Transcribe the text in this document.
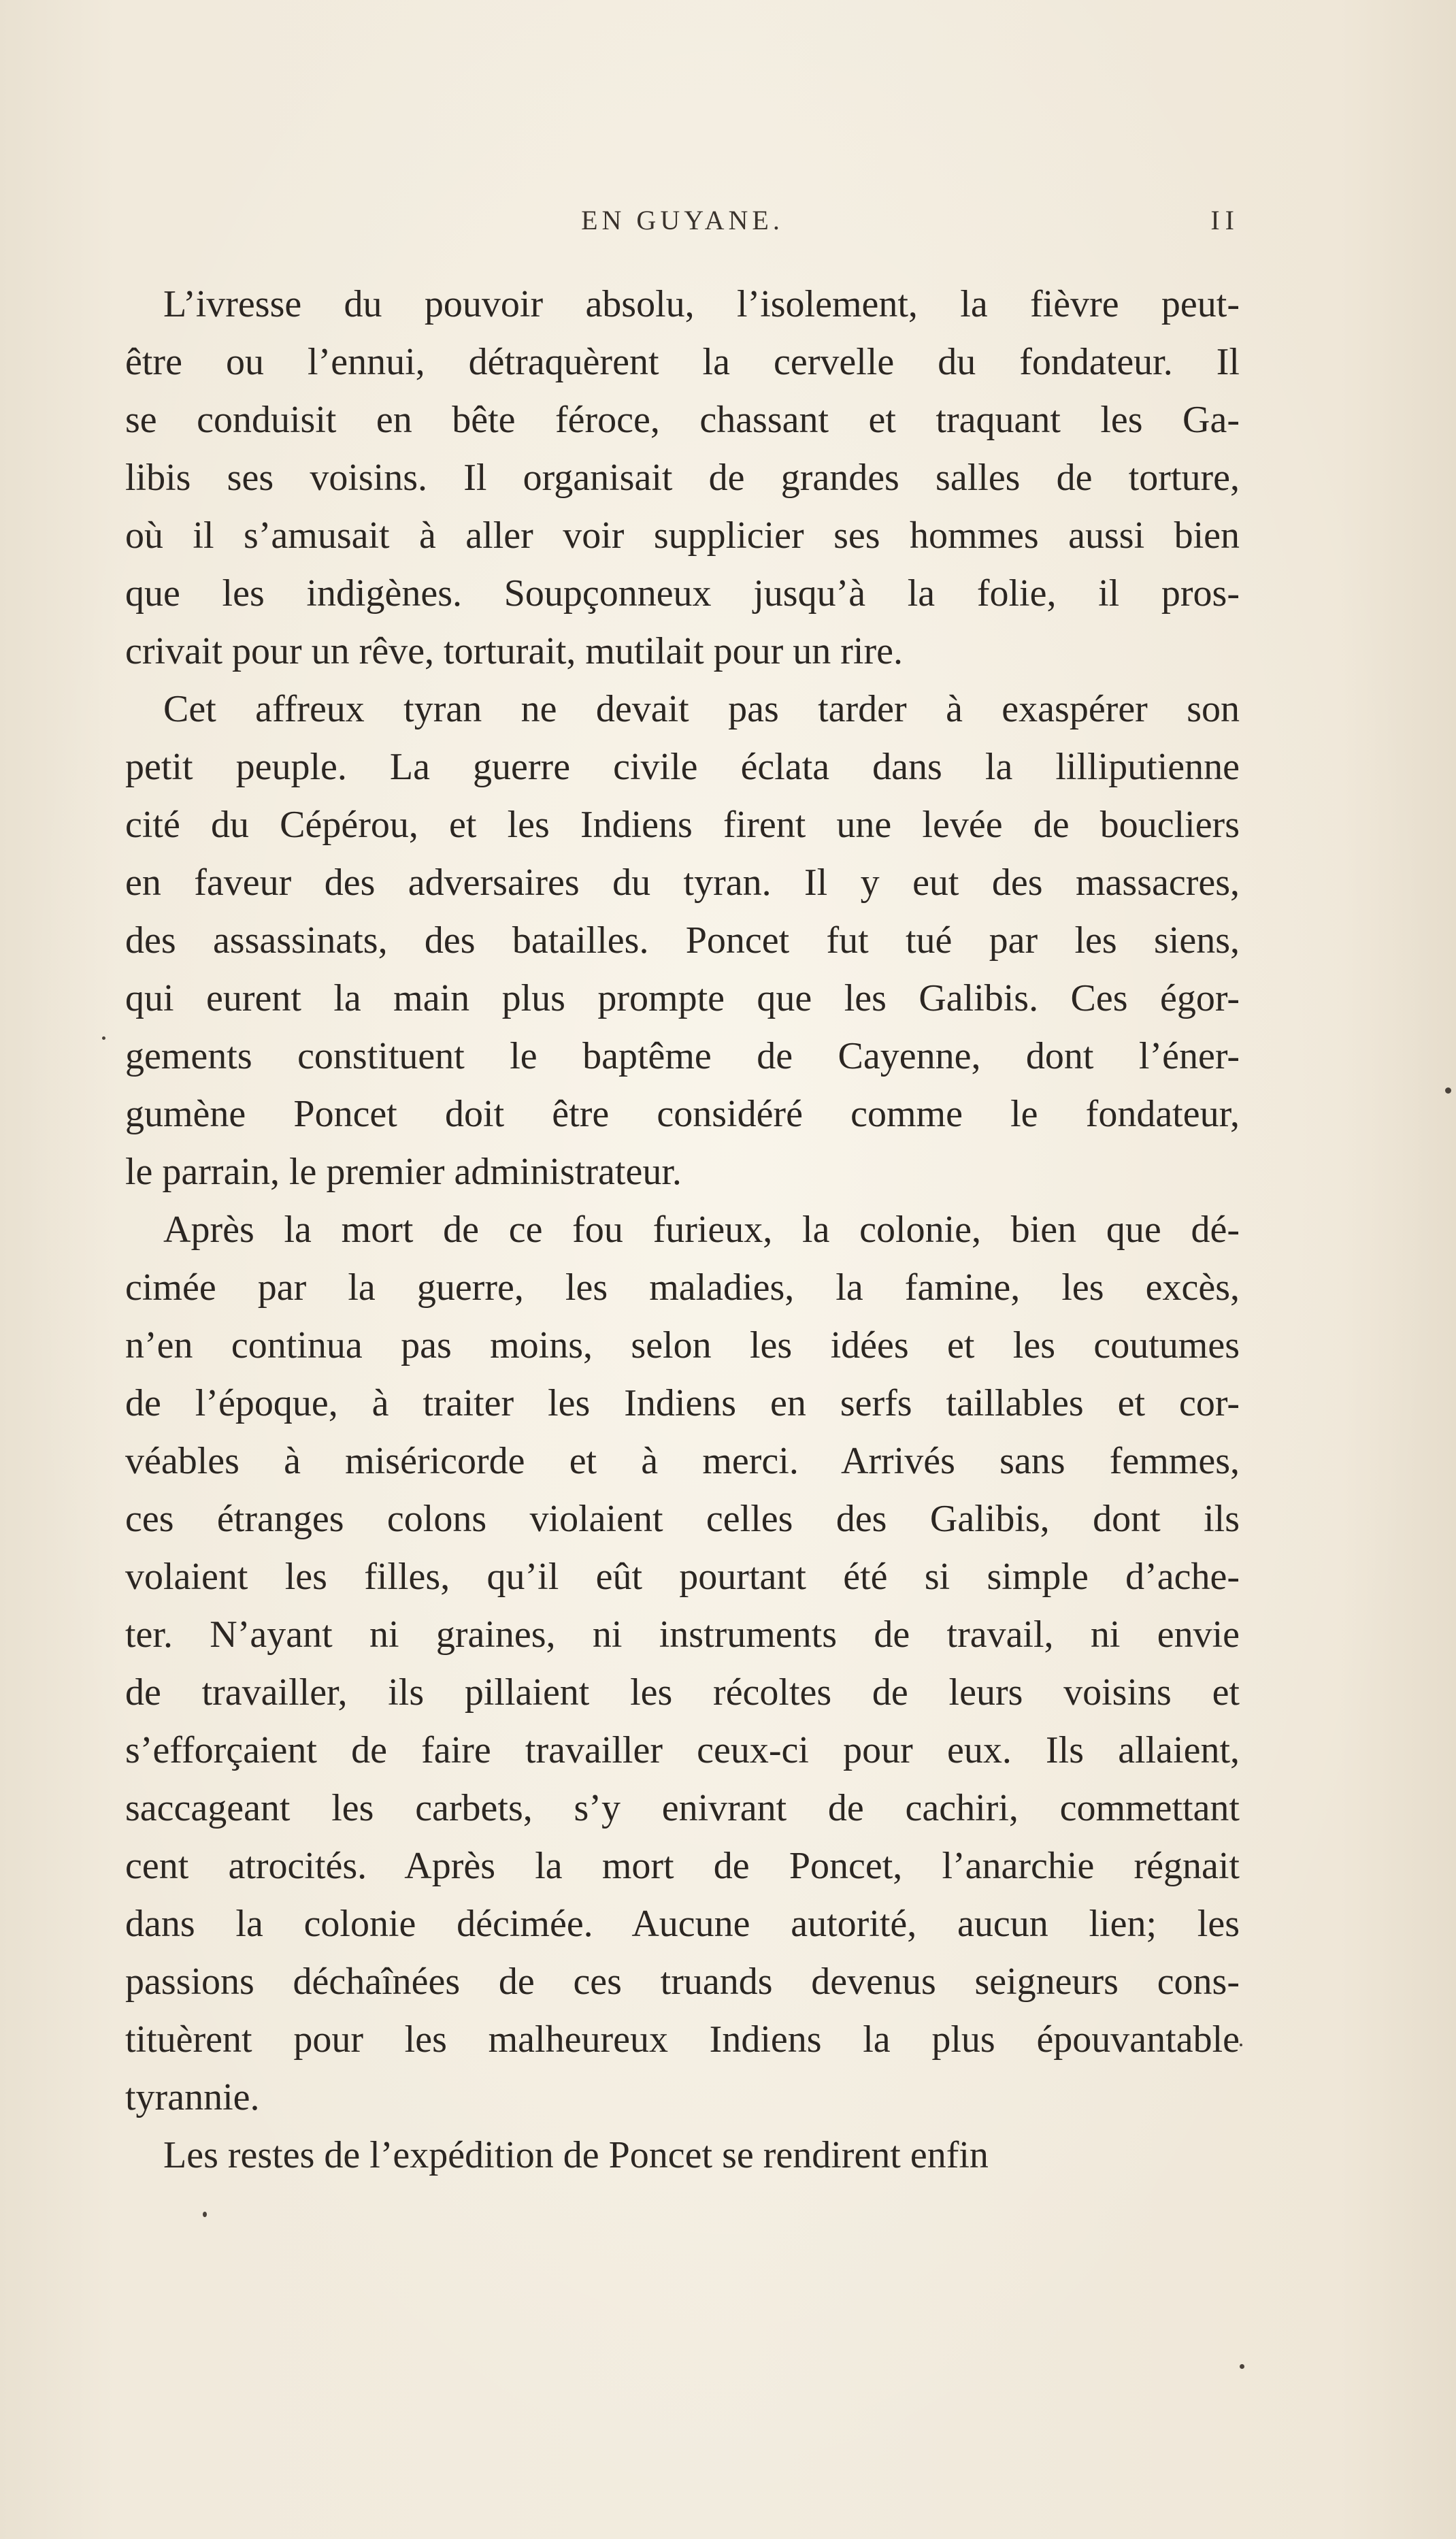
EN GUYANE.	II
L’ivresse du pouvoir absolu, l’isolement, la fièvre peut-
être ou l’ennui, détraquèrent la cervelle du fondateur. Il
se conduisit en bête féroce, chassant et traquant les Ga-
libis ses voisins. Il organisait de grandes salles de torture,
où il s’amusait à aller voir supplicier ses hommes aussi bien
que les indigènes. Soupçonneux jusqu’à la folie, il pros-
crivait pour un rêve, torturait, mutilait pour un rire.
Cet affreux tyran ne devait pas tarder à exaspérer son
petit peuple. La guerre civile éclata dans la lilliputienne
cité du Cépérou, et les Indiens firent une levée de boucliers
en faveur des adversaires du tyran. Il y eut des massacres,
des assassinats, des batailles. Poncet fut tué par les siens,
qui eurent la main plus prompte que les Galibis. Ces égor-
gements constituent le baptême de Cayenne, dont l’éner-
gumène Poncet doit être considéré comme le fondateur,
le parrain, le premier administrateur.
Après la mort de ce fou furieux, la colonie, bien que dé-
cimée par la guerre, les maladies, la famine, les excès,
n’en continua pas moins, selon les idées et les coutumes
de l’époque, à traiter les Indiens en serfs taillables et cor-
véables à miséricorde et à merci. Arrivés sans femmes,
ces étranges colons violaient celles des Galibis, dont ils
volaient les filles, qu’il eût pourtant été si simple d’ache-
ter. N’ayant ni graines, ni instruments de travail, ni envie
de travailler, ils pillaient les récoltes de leurs voisins et
s’efforçaient de faire travailler ceux-ci pour eux. Ils allaient,
saccageant les carbets, s’y enivrant de cachiri, commettant
cent atrocités. Après la mort de Poncet, l’anarchie régnait
dans la colonie décimée. Aucune autorité, aucun lien; les
passions déchaînées de ces truands devenus seigneurs cons-
tituèrent pour les malheureux Indiens la plus épouvantable
tyrannie.
Les restes de l’expédition de Poncet se rendirent enfin
